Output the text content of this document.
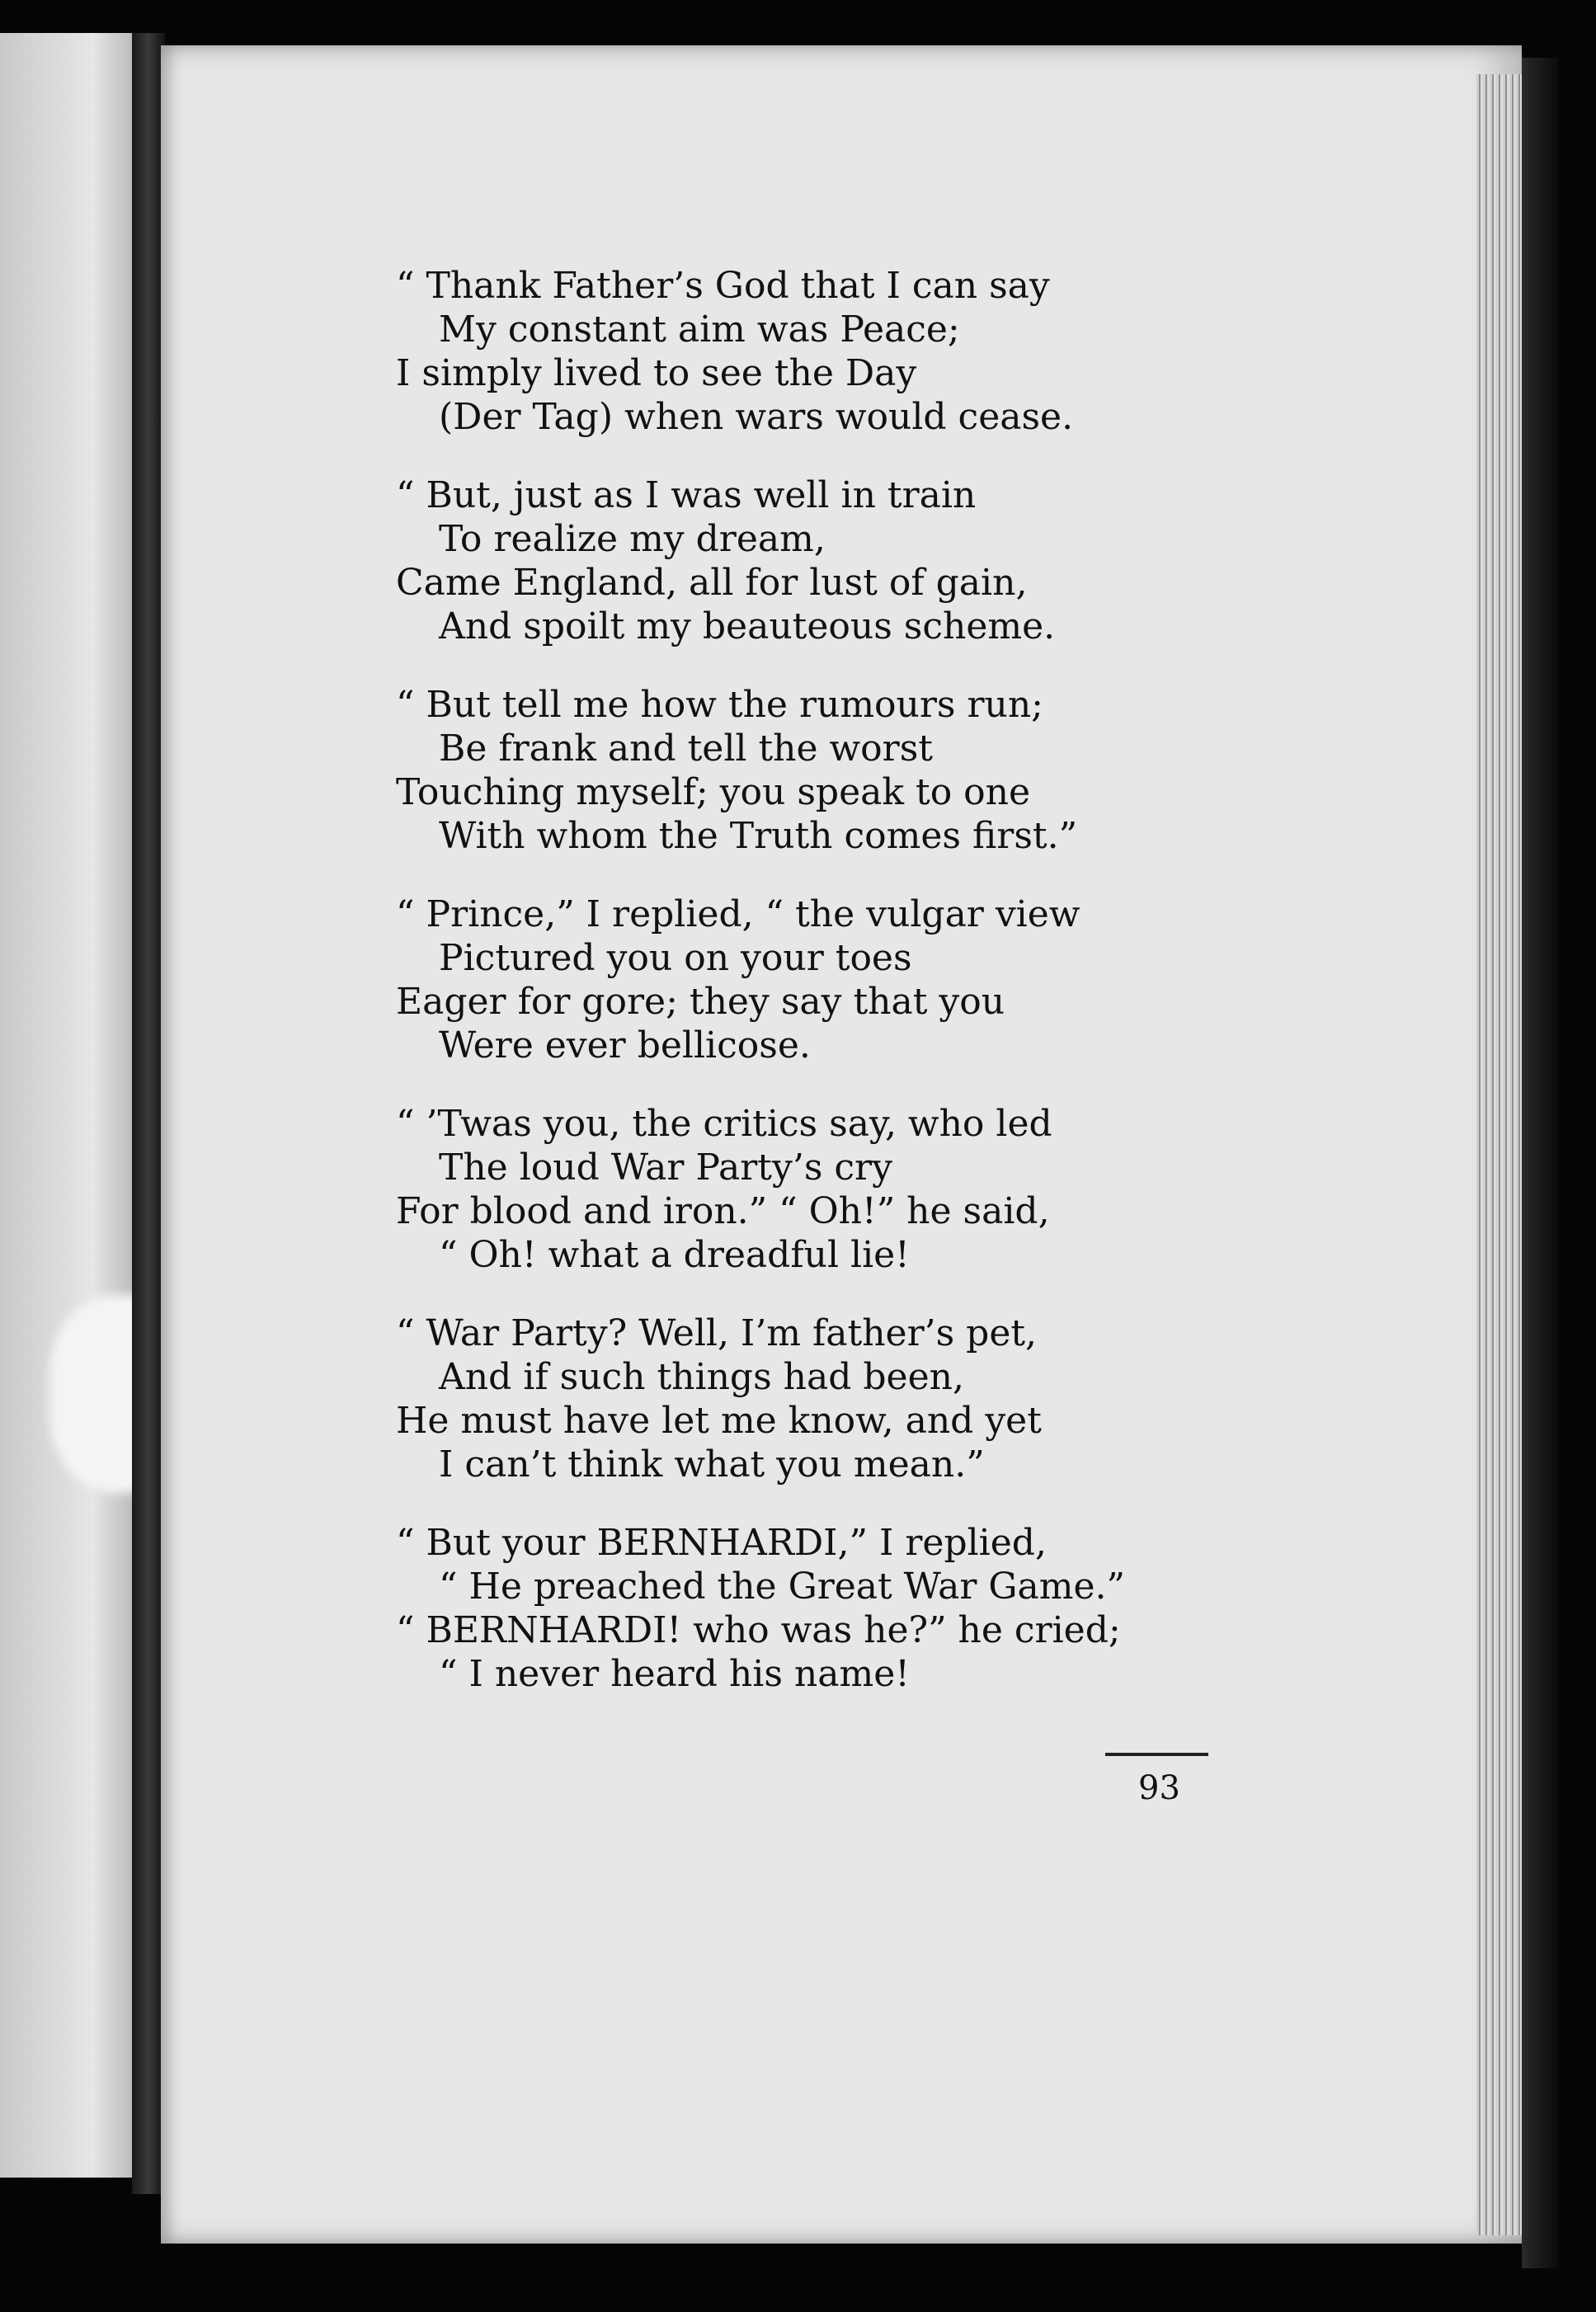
“ Thank Father’s God that I can say
My constant aim was Peace;
I simply lived to see the Day
(Der Tag) when wars would cease.
“ But, just as I was well in train
To realize my dream,
Came England, all for lust of gain,
And spoilt my beauteous scheme.
“ But tell me how the rumours run;
Be frank and tell the worst
Touching myself; you speak to one
With whom the Truth comes first.”
“ Prince,” I replied, “ the vulgar view
Pictured you on your toes
Eager for gore; they say that you
Were ever bellicose.
“ ’Twas you, the critics say, who led
The loud War Party’s cry
For blood and iron.” “ Oh!” he said,
“ Oh! what a dreadful lie!
“ War Party? Well, I’m father’s pet,
And if such things had been,
He must have let me know, and yet
I can’t think what you mean.”
“ But your BERNHARDI,” I replied,
“ He preached the Great War Game.”
“ BERNHARDI! who was he?” he cried;
“ I never heard his name!
93
